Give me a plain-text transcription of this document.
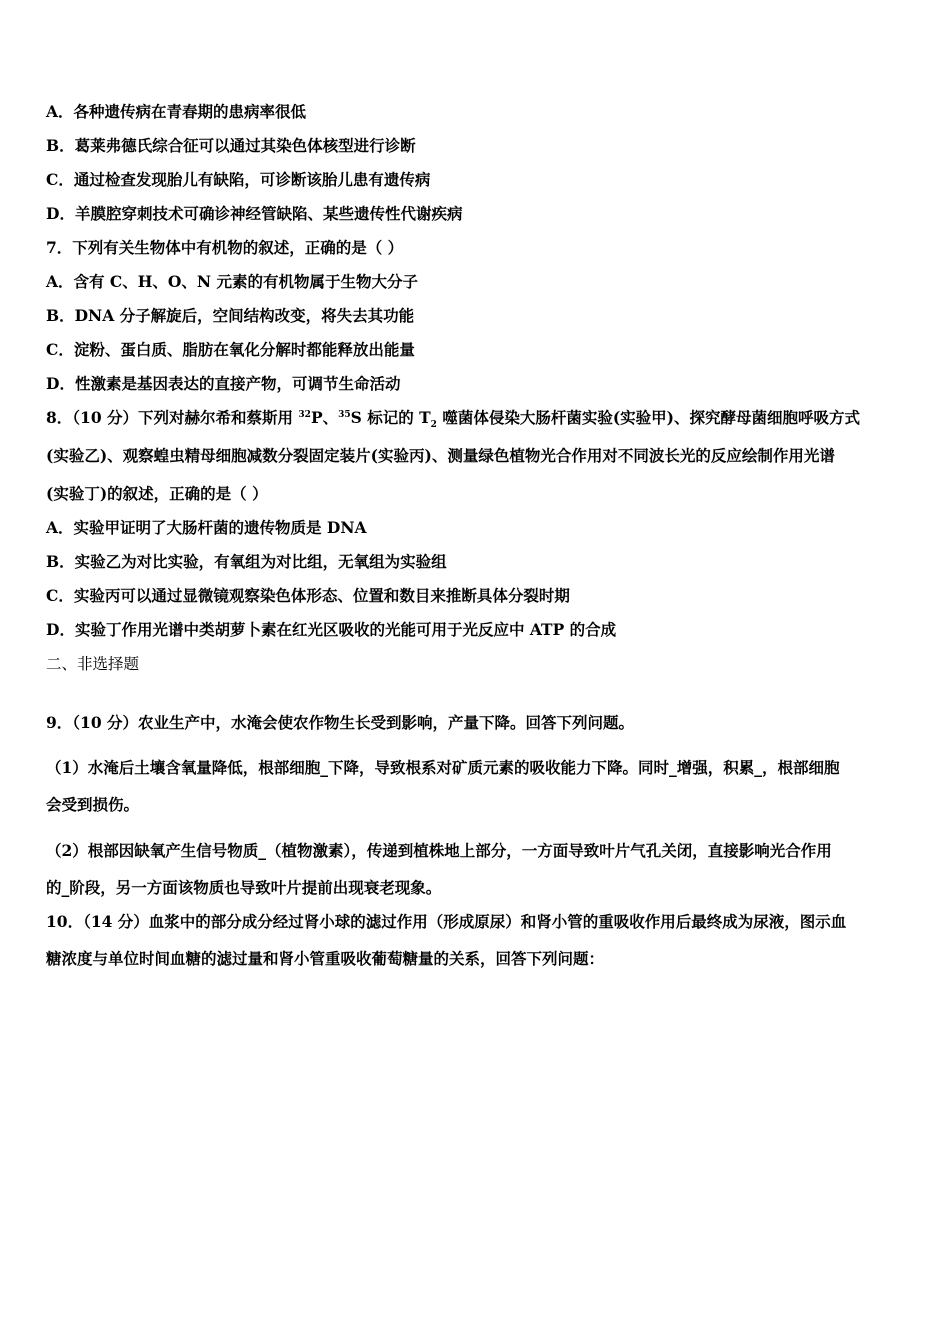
A．各种遗传病在青春期的患病率很低
B．葛莱弗德氏综合征可以通过其染色体核型进行诊断
C．通过检查发现胎儿有缺陷，可诊断该胎儿患有遗传病
D．羊膜腔穿刺技术可确诊神经管缺陷、某些遗传性代谢疾病
7．下列有关生物体中有机物的叙述，正确的是（ ）
A．含有 C、H、O、N 元素的有机物属于生物大分子
B．DNA 分子解旋后，空间结构改变，将失去其功能
C．淀粉、蛋白质、脂肪在氧化分解时都能释放出能量
D．性激素是基因表达的直接产物，可调节生命活动
8．（10 分）下列对赫尔希和蔡斯用 $^{32}$P、$^{35}$S 标记的 $T_2$ 噬菌体侵染大肠杆菌实验(实验甲)、探究酵母菌细胞呼吸方式
(实验乙)、观察蝗虫精母细胞减数分裂固定装片(实验丙)、测量绿色植物光合作用对不同波长光的反应绘制作用光谱
(实验丁)的叙述，正确的是（ ）
A．实验甲证明了大肠杆菌的遗传物质是 DNA
B．实验乙为对比实验，有氧组为对比组，无氧组为实验组
C．实验丙可以通过显微镜观察染色体形态、位置和数目来推断具体分裂时期
D．实验丁作用光谱中类胡萝卜素在红光区吸收的光能可用于光反应中 ATP 的合成
二、非选择题
9．（10 分）农业生产中，水淹会使农作物生长受到影响，产量下降。回答下列问题。
（1）水淹后土壤含氧量降低，根部细胞_下降，导致根系对矿质元素的吸收能力下降。同时_增强，积累_，根部细胞
会受到损伤。
（2）根部因缺氧产生信号物质_（植物激素），传递到植株地上部分，一方面导致叶片气孔关闭，直接影响光合作用
的_阶段，另一方面该物质也导致叶片提前出现衰老现象。
10．（14 分）血浆中的部分成分经过肾小球的滤过作用（形成原尿）和肾小管的重吸收作用后最终成为尿液，图示血
糖浓度与单位时间血糖的滤过量和肾小管重吸收葡萄糖量的关系，回答下列问题：
